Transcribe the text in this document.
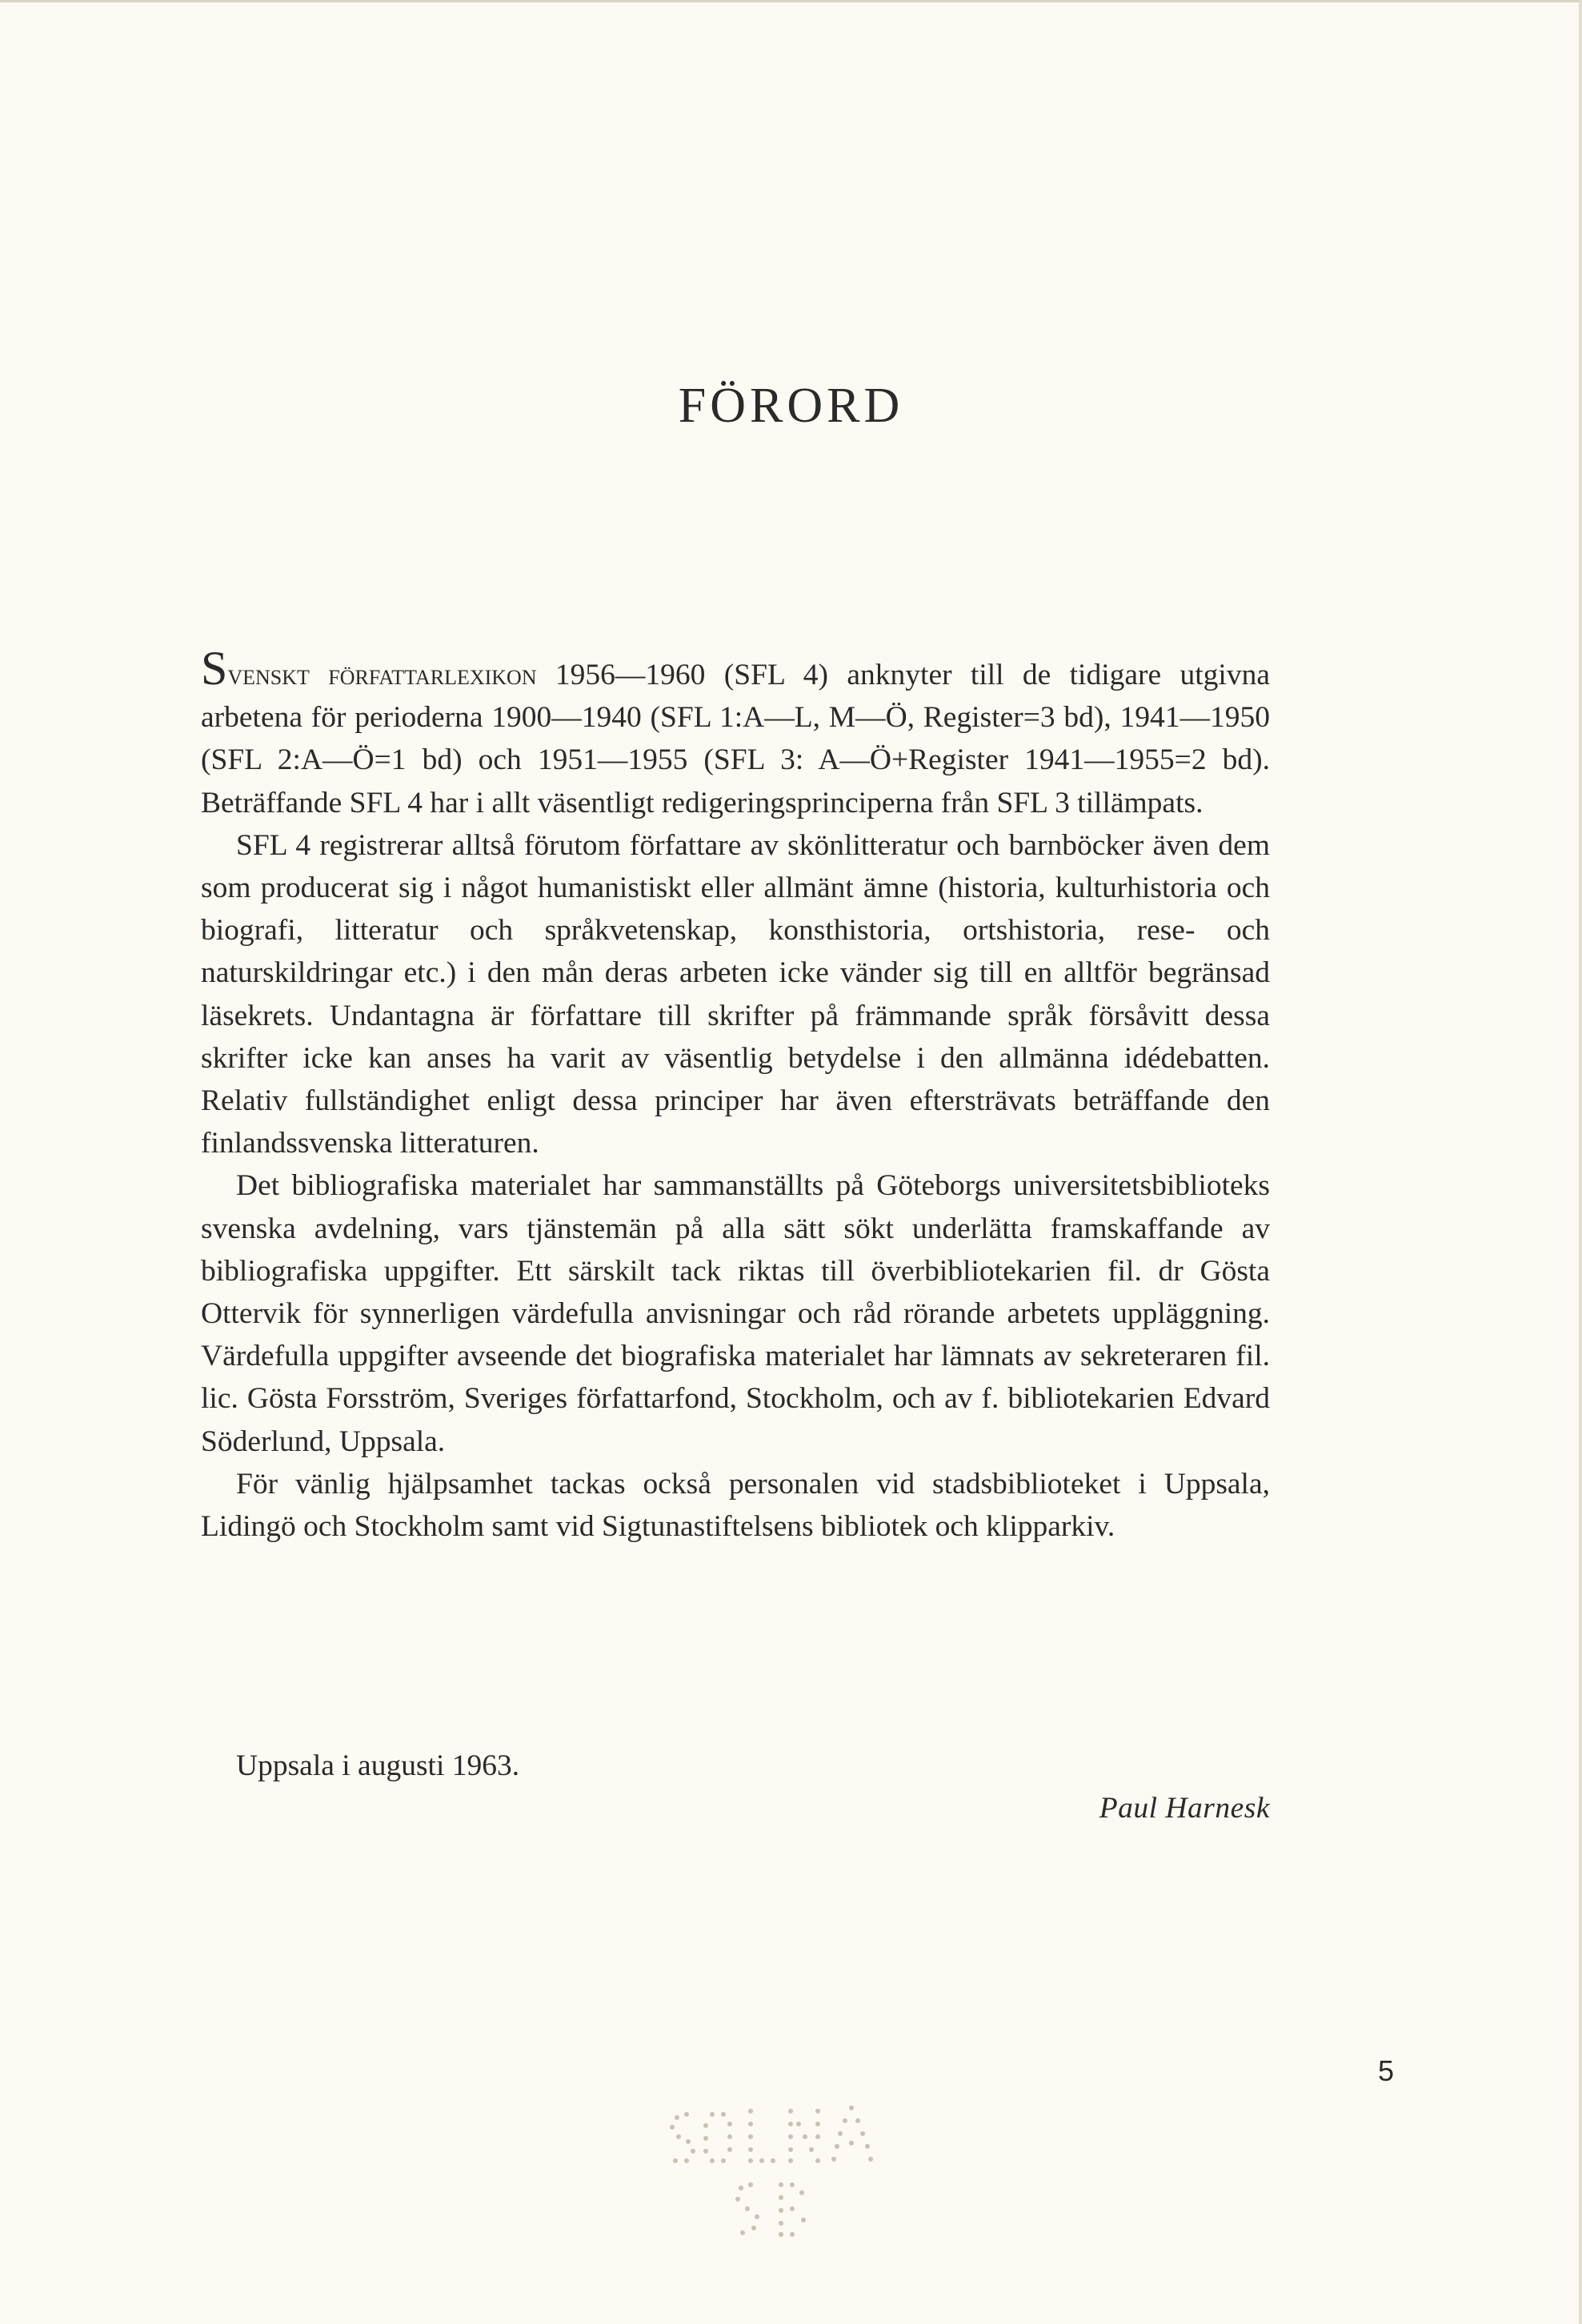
FÖRORD

Svenskt författarlexikon 1956—1960 (SFL 4) anknyter till de tidigare utgivna arbetena för perioderna 1900—1940 (SFL 1:A—L, M—Ö, Register=3 bd), 1941—1950 (SFL 2:A—Ö=1 bd) och 1951—1955 (SFL 3: A—Ö+Register 1941—1955=2 bd). Beträffande SFL 4 har i allt väsentligt redigeringsprinciperna från SFL 3 tillämpats.

SFL 4 registrerar alltså förutom författare av skönlitteratur och barnböcker även dem som producerat sig i något humanistiskt eller allmänt ämne (historia, kulturhistoria och biografi, litteratur och språkvetenskap, konsthistoria, ortshistoria, rese- och naturskildringar etc.) i den mån deras arbeten icke vänder sig till en alltför begränsad läsekrets. Undantagna är författare till skrifter på främmande språk försåvitt dessa skrifter icke kan anses ha varit av väsentlig betydelse i den allmänna idédebatten. Relativ fullständighet enligt dessa principer har även eftersträvats beträffande den finlandssvenska litteraturen.

Det bibliografiska materialet har sammanställts på Göteborgs universitetsbiblioteks svenska avdelning, vars tjänstemän på alla sätt sökt underlätta framskaffande av bibliografiska uppgifter. Ett särskilt tack riktas till överbibliotekarien fil. dr Gösta Ottervik för synnerligen värdefulla anvisningar och råd rörande arbetets uppläggning. Värdefulla uppgifter avseende det biografiska materialet har lämnats av sekreteraren fil. lic. Gösta Forsström, Sveriges författarfond, Stockholm, och av f. bibliotekarien Edvard Söderlund, Uppsala.

För vänlig hjälpsamhet tackas också personalen vid stadsbiblioteket i Uppsala, Lidingö och Stockholm samt vid Sigtunastiftelsens bibliotek och klipparkiv.

Uppsala i augusti 1963.

Paul Harnesk

5
